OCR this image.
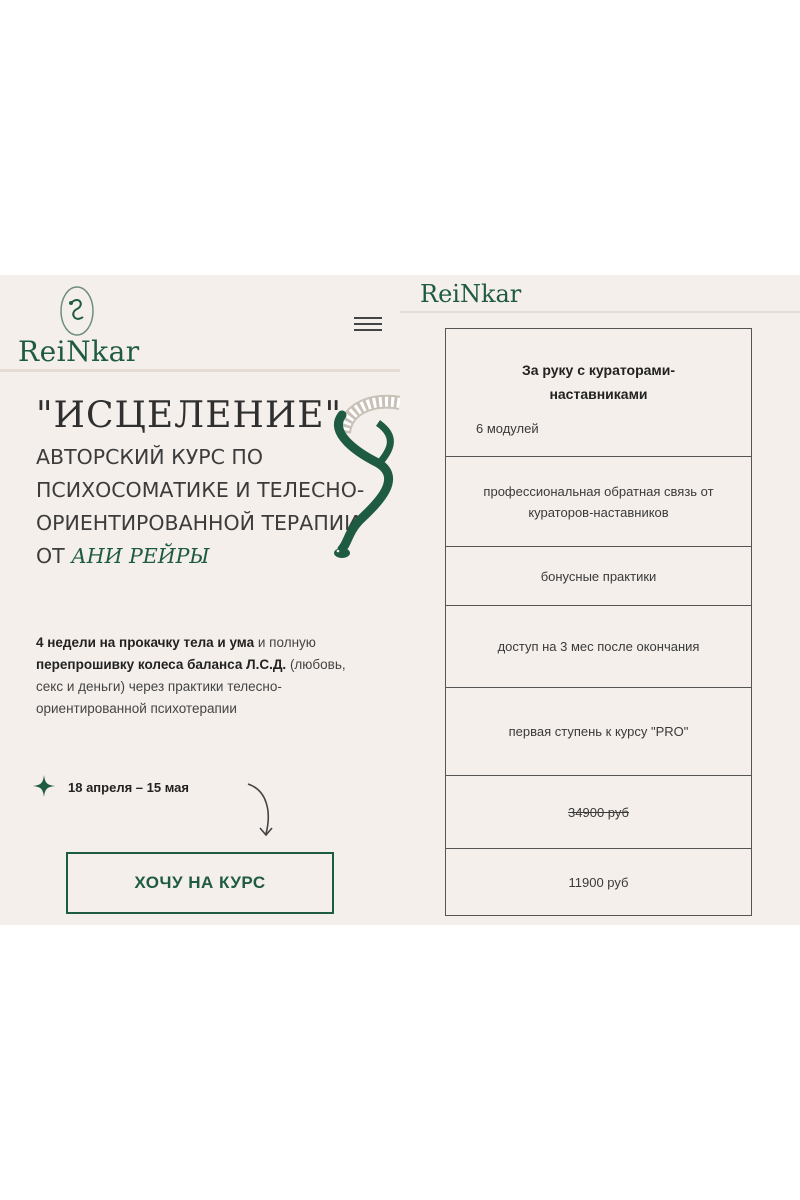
ReiNkar
"ИСЦЕЛЕНИЕ"
АВТОРСКИЙ КУРС ПО ПСИХОСОМАТИКЕ И ТЕЛЕСНО-ОРИЕНТИРОВАННОЙ ТЕРАПИИ ОТ АНИ РЕЙРЫ
4 недели на прокачку тела и ума и полную перепрошивку колеса баланса Л.С.Д. (любовь, секс и деньги) через практики телесно-ориентированной психотерапии
18 апреля – 15 мая
ХОЧУ НА КУРС
ReiNkar
За руку с кураторами-наставниками
6 модулей
профессиональная обратная связь от кураторов-наставников
бонусные практики
доступ на 3 мес после окончания
первая ступень к курсу "PRO"
34900 руб
11900 руб
